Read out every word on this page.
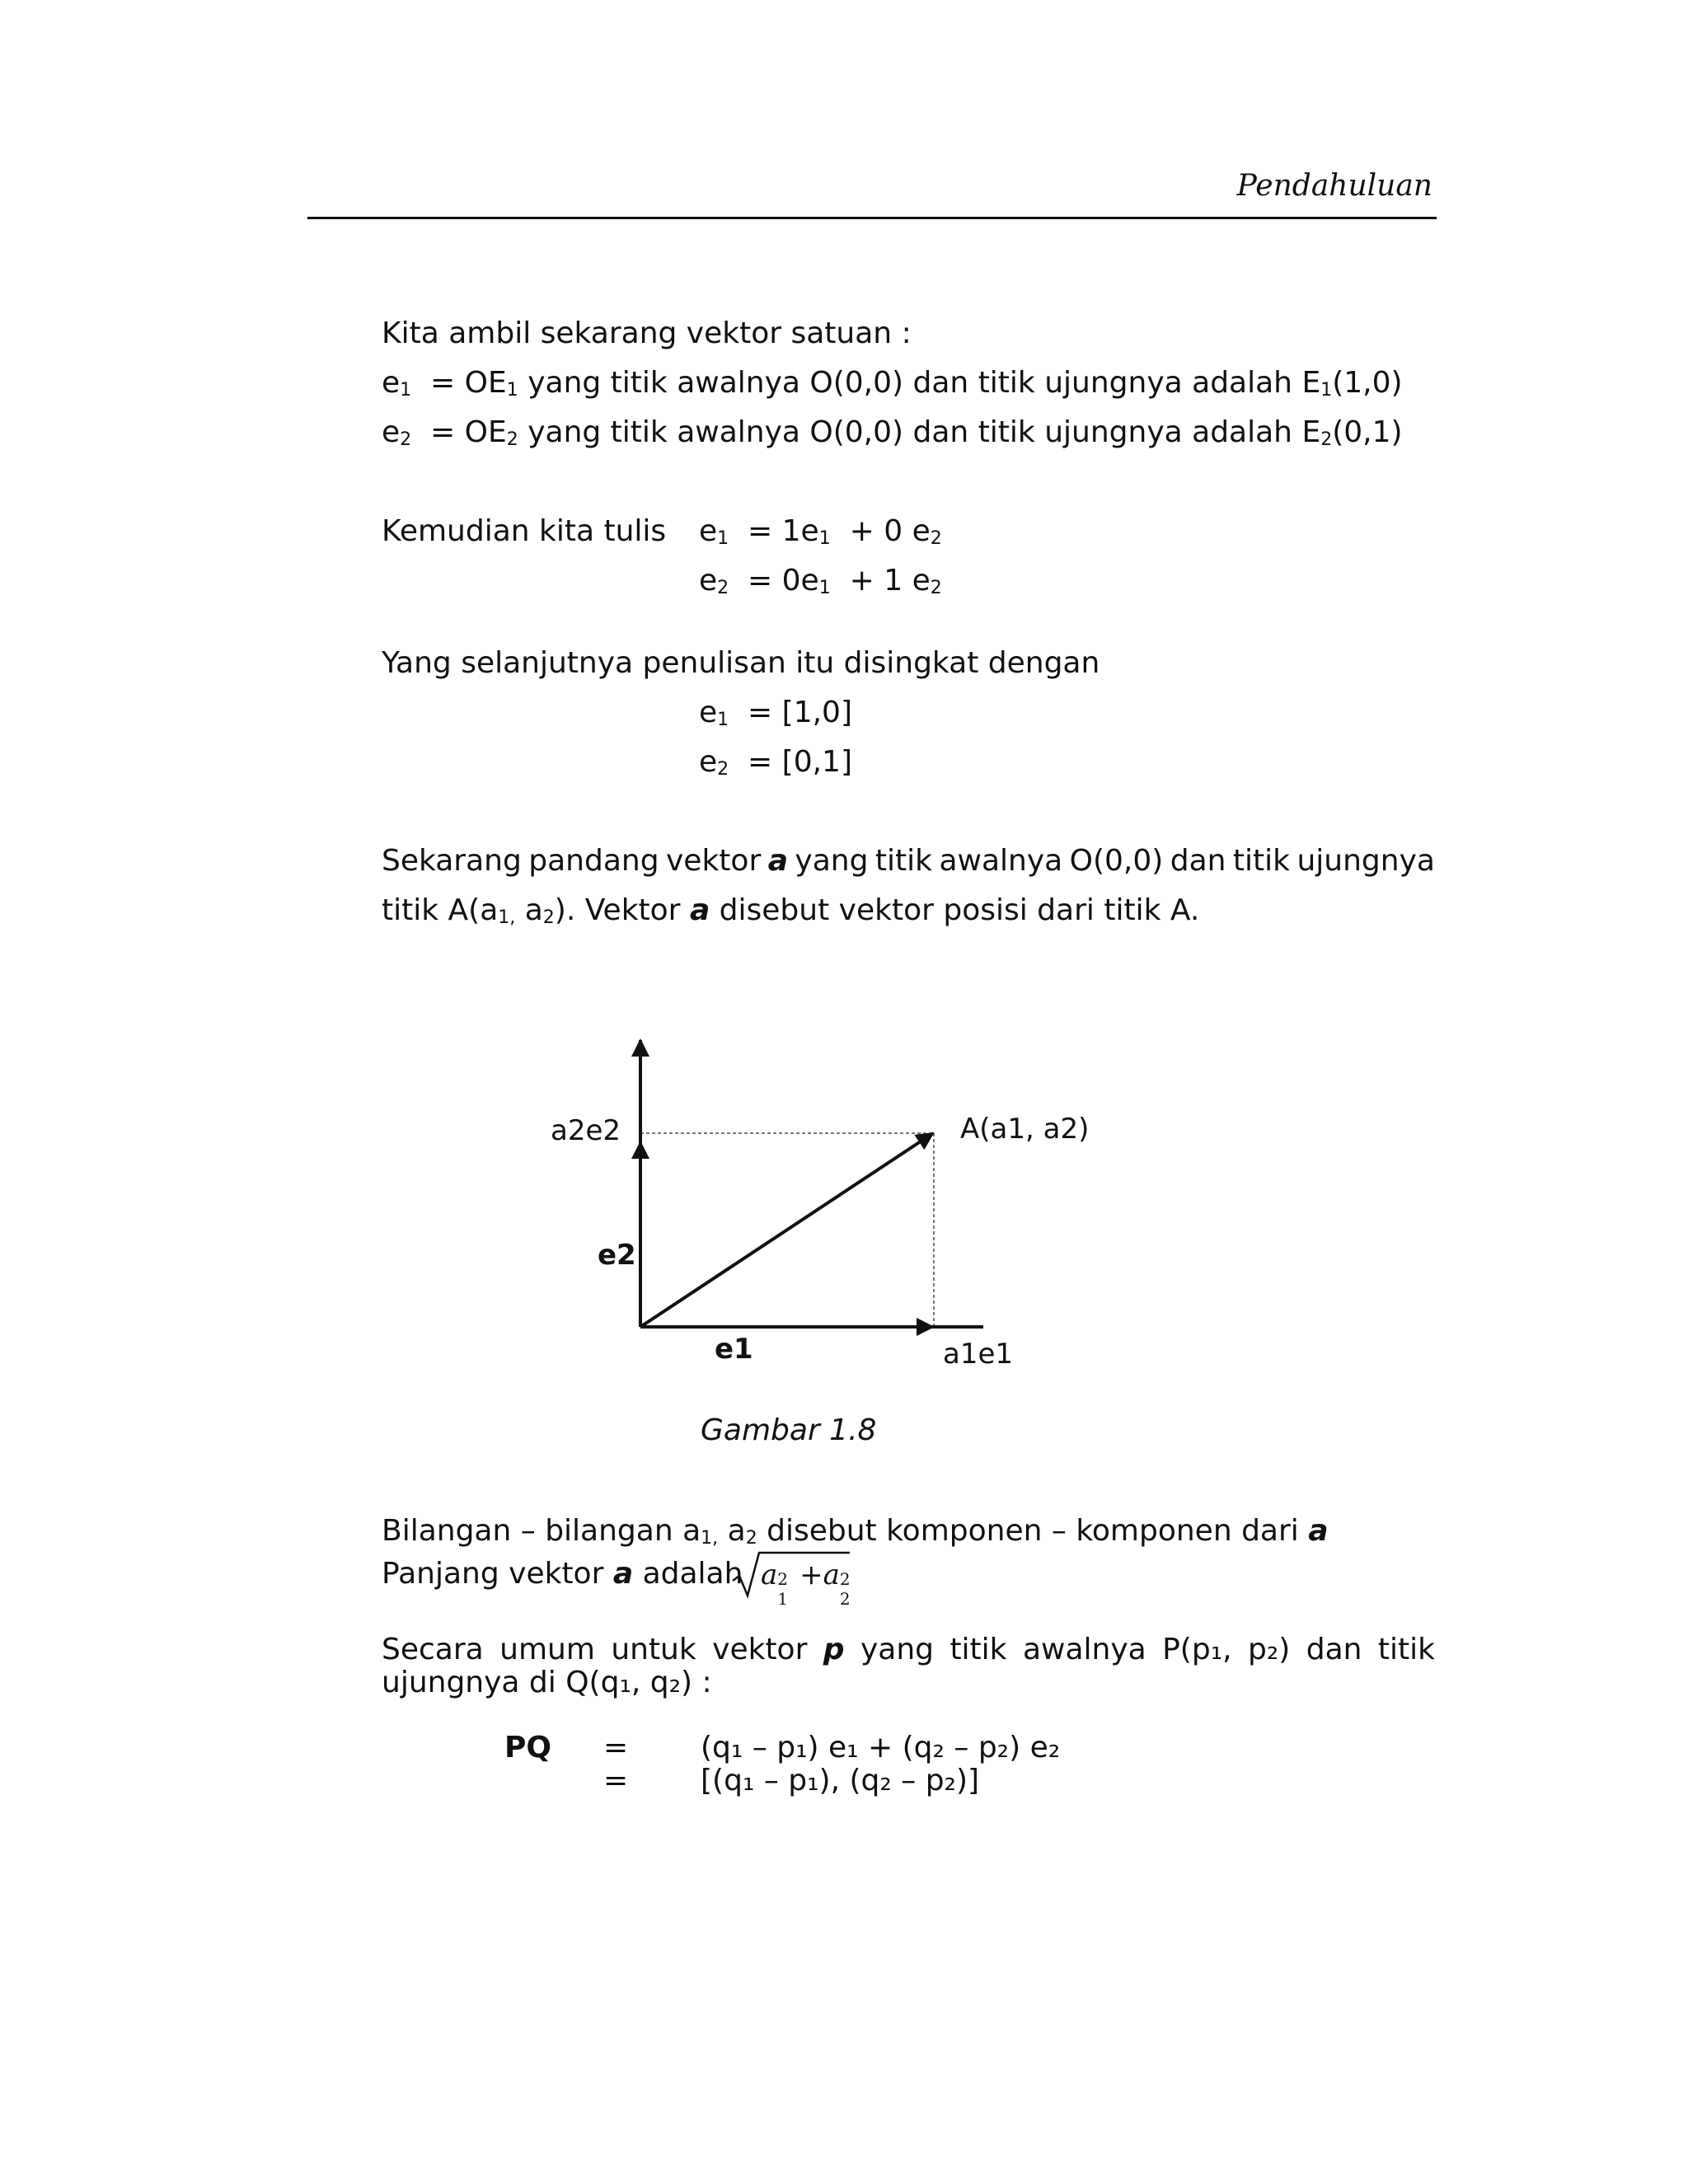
Pendahuluan
Kita ambil sekarang vektor satuan :
$e_1 = OE_1$ yang titik awalnya O(0,0) dan titik ujungnya adalah $E_1(1,0)$
$e_2 = OE_2$ yang titik awalnya O(0,0) dan titik ujungnya adalah $E_2(0,1)$
Kemudian kita tulis $e_1 = 1e_1 + 0$ $e_2$
$e_2 = 0e_1 + 1$ $e_2$
Yang selanjutnya penulisan itu disingkat dengan
$e_1 = [1,0]$
$e_2 = [0,1]$
Sekarang pandang vektor a yang titik awalnya O(0,0) dan titik ujungnya
titik $A(a_{1,}$ $a_2$). Vektor a disebut vektor posisi dari titik A.
a2e2	A(a1, a2)
e2
e1	a1e1
Gambar 1.8
Bilangan – bilangan $a_{1,}$ $a_2$ disebut komponen – komponen dari a
Panjang vektor a adalah a 2
1
+a 2
2
Secara umum untuk vektor p yang titik awalnya P(p₁, p₂) dan titik
ujungnya di Q(q₁, q₂) :
PQ = (q₁ – p₁) e₁ + (q₂ – p₂) e₂
= [(q₁ – p₁), (q₂ – p₂)]
